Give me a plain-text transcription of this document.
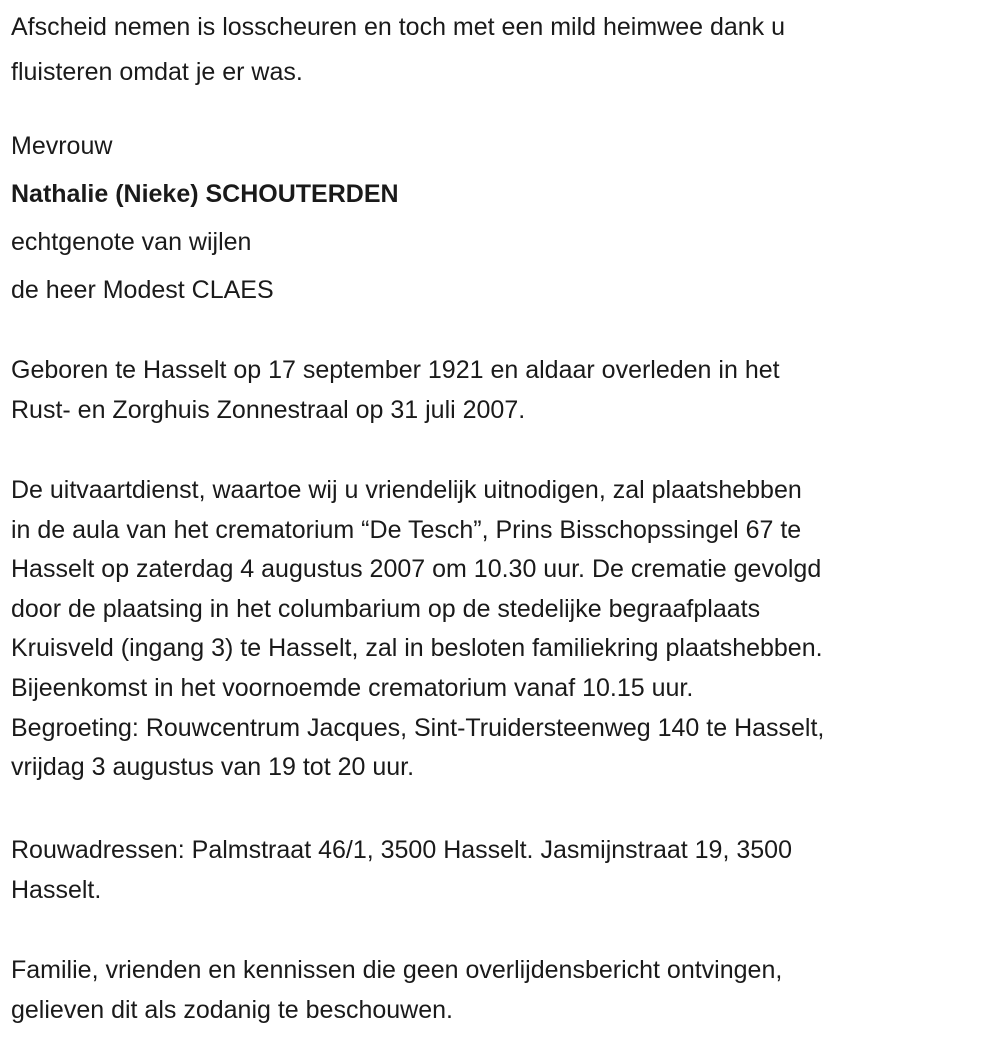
Afscheid nemen is losscheuren en toch met een mild heimwee dank u
fluisteren omdat je er was.
Mevrouw
Nathalie (Nieke) SCHOUTERDEN
echtgenote van wijlen
de heer Modest CLAES
Geboren te Hasselt op 17 september 1921 en aldaar overleden in het
Rust- en Zorghuis Zonnestraal op 31 juli 2007.
De uitvaartdienst, waartoe wij u vriendelijk uitnodigen, zal plaatshebben
in de aula van het crematorium “De Tesch”, Prins Bisschopssingel 67 te
Hasselt op zaterdag 4 augustus 2007 om 10.30 uur. De crematie gevolgd
door de plaatsing in het columbarium op de stedelijke begraafplaats
Kruisveld (ingang 3) te Hasselt, zal in besloten familiekring plaatshebben.
Bijeenkomst in het voornoemde crematorium vanaf 10.15 uur.
Begroeting: Rouwcentrum Jacques, Sint-Truidersteenweg 140 te Hasselt,
vrijdag 3 augustus van 19 tot 20 uur.
Rouwadressen: Palmstraat 46/1, 3500 Hasselt. Jasmijnstraat 19, 3500
Hasselt.
Familie, vrienden en kennissen die geen overlijdensbericht ontvingen,
gelieven dit als zodanig te beschouwen.
